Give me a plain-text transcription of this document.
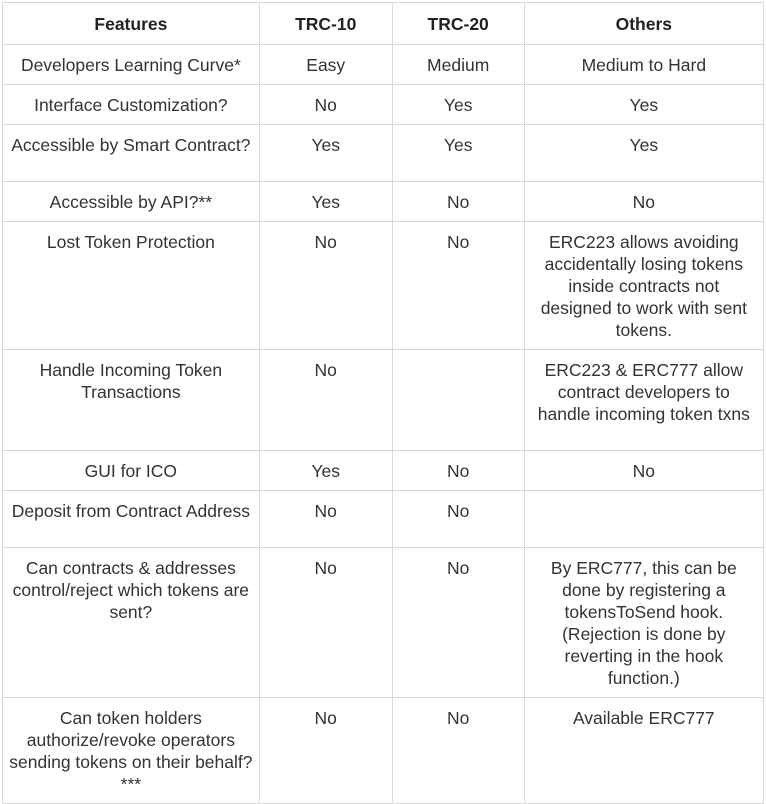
Features	TRC-10	TRC-20	Others
Developers Learning Curve*	Easy	Medium	Medium to Hard
Interface Customization?	No	Yes	Yes
Accessible by Smart Contract?	Yes	Yes	Yes
Accessible by API?**	Yes	No	No
Lost Token Protection	No	No	ERC223 allows avoiding accidentally losing tokens inside contracts not designed to work with sent tokens.
Handle Incoming Token Transactions	No		ERC223 & ERC777 allow contract developers to handle incoming token txns
GUI for ICO	Yes	No	No
Deposit from Contract Address	No	No	
Can contracts & addresses control/reject which tokens are sent?	No	No	By ERC777, this can be done by registering a tokensToSend hook. (Rejection is done by reverting in the hook function.)
Can token holders authorize/revoke operators sending tokens on their behalf?***	No	No	Available ERC777
